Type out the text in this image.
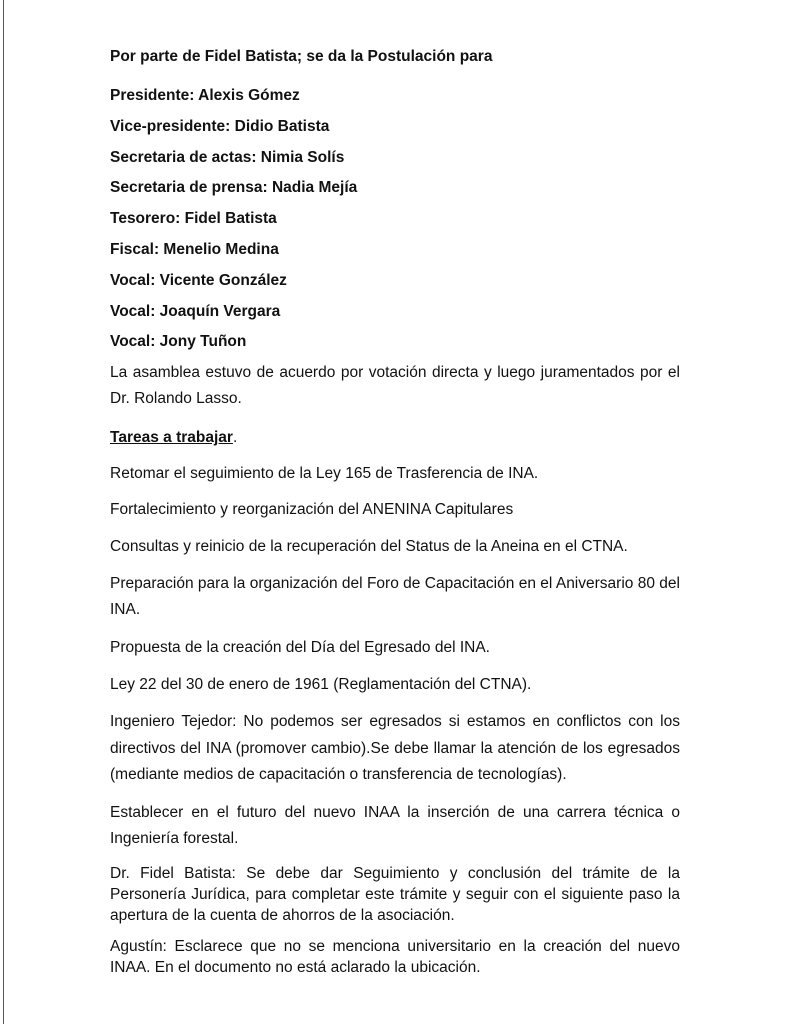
Por parte de Fidel Batista; se da la Postulación para
Presidente: Alexis Gómez
Vice-presidente: Didio Batista
Secretaria de actas: Nimia Solís
Secretaria de prensa: Nadia Mejía
Tesorero: Fidel Batista
Fiscal: Menelio Medina
Vocal: Vicente González
Vocal: Joaquín Vergara
Vocal: Jony Tuñon
La asamblea estuvo de acuerdo por votación directa y luego juramentados por el
Dr. Rolando Lasso.
Tareas a trabajar.
Retomar el seguimiento de la Ley 165 de Trasferencia de INA.
Fortalecimiento y reorganización del ANENINA Capitulares
Consultas y reinicio de la recuperación del Status de la Aneina en el CTNA.
Preparación para la organización del Foro de Capacitación en el Aniversario 80 del
INA.
Propuesta de la creación del Día del Egresado del INA.
Ley 22 del 30 de enero de 1961 (Reglamentación del CTNA).
Ingeniero Tejedor: No podemos ser egresados si estamos en conflictos con los
directivos del INA (promover cambio).Se debe llamar la atención de los egresados
(mediante medios de capacitación o transferencia de tecnologías).
Establecer en el futuro del nuevo INAA la inserción de una carrera técnica o
Ingeniería forestal.
Dr. Fidel Batista: Se debe dar Seguimiento y conclusión del trámite de la
Personería Jurídica, para completar este trámite y seguir con el siguiente paso la
apertura de la cuenta de ahorros de la asociación.
Agustín: Esclarece que no se menciona universitario en la creación del nuevo
INAA. En el documento no está aclarado la ubicación.
